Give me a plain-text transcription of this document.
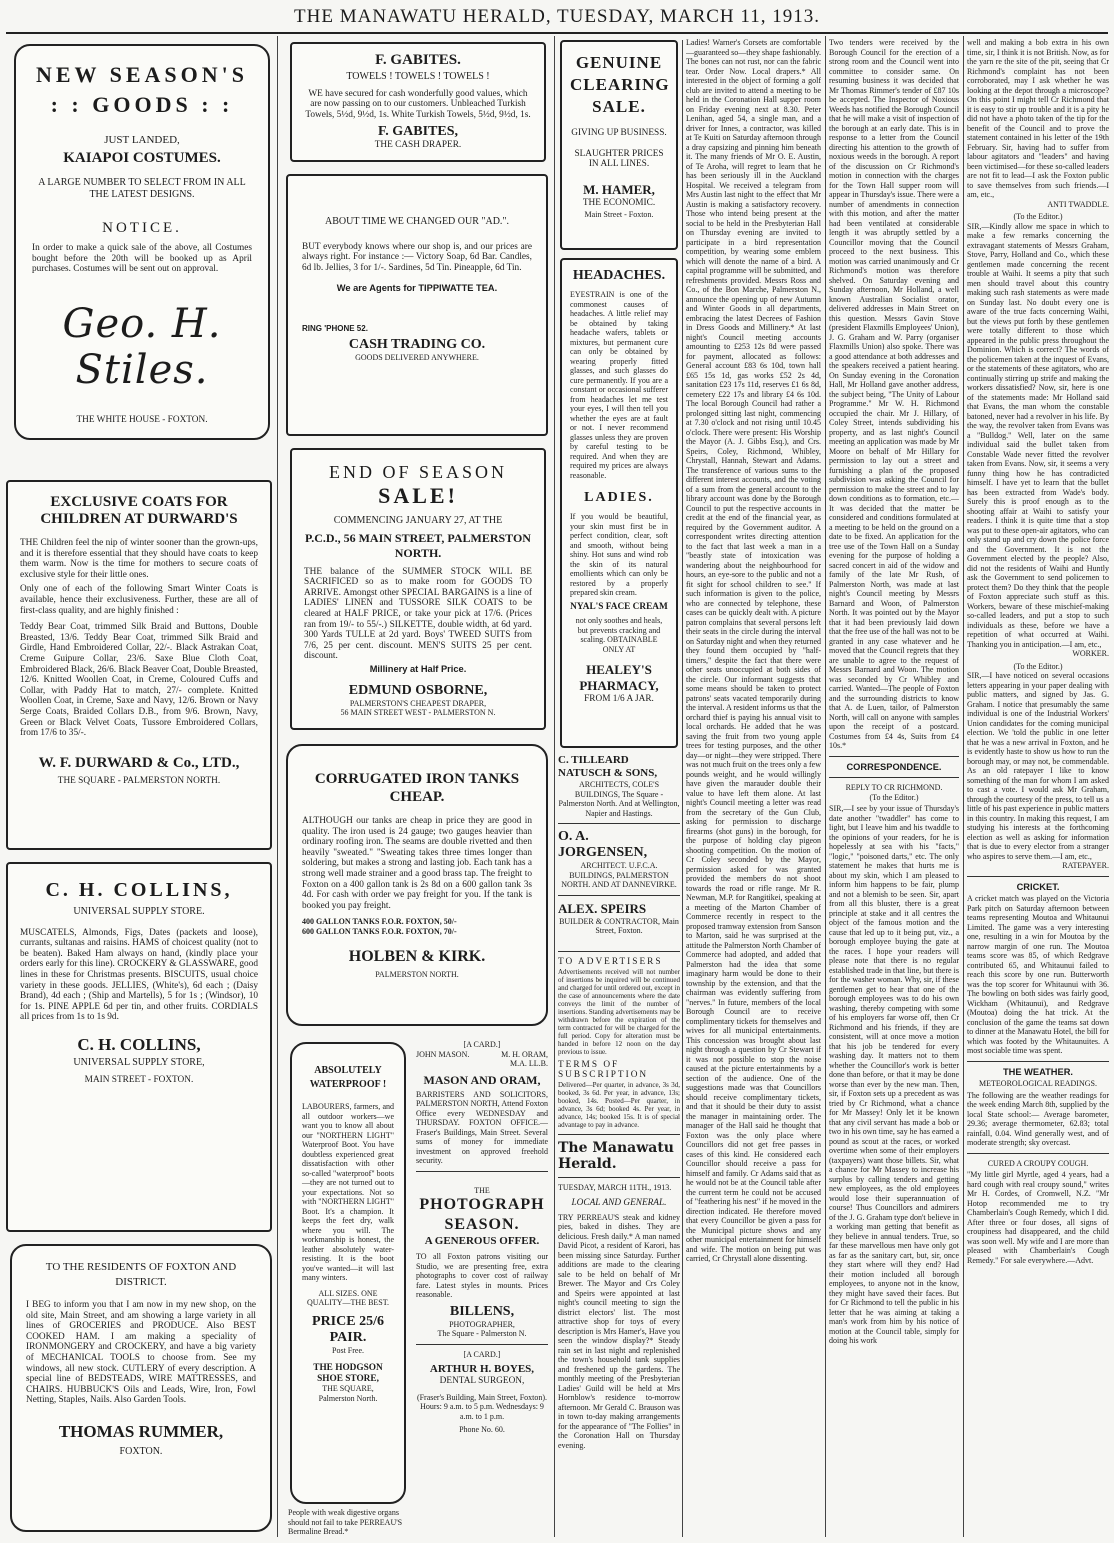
THE MANAWATU HERALD, TUESDAY, MARCH 11, 1913.
NEW SEASON'S
: : GOODS : :
JUST LANDED,
KAIAPOI COSTUMES.
A LARGE NUMBER TO SELECT FROM IN ALL THE LATEST DESIGNS.
NOTICE.
In order to make a quick sale of the above, all Costumes bought before the 20th will be booked up as April purchases. Costumes will be sent out on approval.
Geo. H. Stiles.
THE WHITE HOUSE - FOXTON.
EXCLUSIVE COATS FOR CHILDREN AT DURWARD'S
THE Children feel the nip of winter sooner than the grown-ups, and it is therefore essential that they should have coats to keep them warm. Now is the time for mothers to secure coats of exclusive style for their little ones.
Only one of each of the following Smart Winter Coats is available, hence their exclusiveness. Further, these are all of first-class quality, and are highly finished :
Teddy Bear Coat, trimmed Silk Braid and Buttons, Double Breasted, 13/6. Teddy Bear Coat, trimmed Silk Braid and Girdle, Hand Embroidered Collar, 22/-. Black Astrakan Coat, Creme Guipure Collar, 23/6. Saxe Blue Cloth Coat, Embroidered Black, 26/6. Black Beaver Coat, Double Breasted, 12/6. Knitted Woollen Coat, in Creme, Coloured Cuffs and Collar, with Paddy Hat to match, 27/- complete. Knitted Woollen Coat, in Creme, Saxe and Navy, 12/6. Brown or Navy Serge Coats, Braided Collars D.B., from 9/6. Brown, Navy, Green or Black Velvet Coats, Tussore Embroidered Collars, from 17/6 to 35/-.
W. F. DURWARD & Co., LTD.,
THE SQUARE - PALMERSTON NORTH.
C. H. COLLINS,
UNIVERSAL SUPPLY STORE.
MUSCATELS, Almonds, Figs, Dates (packets and loose), currants, sultanas and raisins. HAMS of choicest quality (not to be beaten). Baked Ham always on hand, (kindly place your orders early for this line). CROCKERY & GLASSWARE, good lines in these for Christmas presents. BISCUITS, usual choice variety in these goods. JELLIES, (White's), 6d each ; (Daisy Brand), 4d each ; (Ship and Martells), 5 for 1s ; (Windsor), 10 for 1s. PINE APPLE 6d per tin, and other fruits. CORDIALS all prices from 1s to 1s 9d.
C. H. COLLINS,
UNIVERSAL SUPPLY STORE,
MAIN STREET - FOXTON.
TO THE RESIDENTS OF FOXTON AND DISTRICT.
I BEG to inform you that I am now in my new shop, on the old site, Main Street, and am showing a large variety in all lines of GROCERIES and PRODUCE. Also BEST COOKED HAM. I am making a speciality of IRONMONGERY and CROCKERY, and have a big variety of MECHANICAL TOOLS to choose from. See my windows, all new stock. CUTLERY of every description. A special line of BEDSTEADS, WIRE MATTRESSES, and CHAIRS. HUBBUCK'S Oils and Leads, Wire, Iron, Fowl Netting, Staples, Nails. Also Garden Tools.
THOMAS RUMMER,
FOXTON.
F. GABITES.
TOWELS ! TOWELS ! TOWELS !
WE have secured for cash wonderfully good values, which are now passing on to our customers. Unbleached Turkish Towels, 5½d, 9½d, 1s. White Turkish Towels, 5½d, 9½d, 1s.
F. GABITES,
THE CASH DRAPER.
ABOUT TIME WE CHANGED OUR "AD.".
BUT everybody knows where our shop is, and our prices are always right. For instance :— Victory Soap, 6d Bar. Candles, 6d lb. Jellies, 3 for 1/-. Sardines, 5d Tin. Pineapple, 6d Tin.
We are Agents for TIPPIWATTE TEA.
RING 'PHONE 52.
CASH TRADING CO.
GOODS DELIVERED ANYWHERE.
END OF SEASON
SALE!
COMMENCING JANUARY 27, AT THE
P.C.D., 56 MAIN STREET, PALMERSTON NORTH.
THE balance of the SUMMER STOCK WILL BE SACRIFICED so as to make room for GOODS TO ARRIVE. Amongst other SPECIAL BARGAINS is a line of LADIES' LINEN and TUSSORE SILK COATS to be cleared at HALF PRICE, or take your pick at 17/6. (Prices ran from 19/- to 55/-.) SILKETTE, double width, at 6d yard. 300 Yards TULLE at 2d yard. Boys' TWEED SUITS from 7/6, 25 per cent. discount. MEN'S SUITS 25 per cent. discount.
Millinery at Half Price.
EDMUND OSBORNE,
PALMERSTON'S CHEAPEST DRAPER,
56 MAIN STREET WEST - PALMERSTON N.
CORRUGATED IRON TANKS CHEAP.
ALTHOUGH our tanks are cheap in price they are good in quality. The iron used is 24 gauge; two gauges heavier than ordinary roofing iron. The seams are double rivetted and then heavily "sweated." "Sweating takes three times longer than soldering, but makes a strong and lasting job. Each tank has a strong well made strainer and a good brass tap. The freight to Foxton on a 400 gallon tank is 2s 8d on a 600 gallon tank 3s 4d. For cash with order we pay freight for you. If the tank is booked you pay freight.
400 GALLON TANKS F.O.R. FOXTON, 50/-
600 GALLON TANKS F.O.R. FOXTON, 70/-
HOLBEN & KIRK.
PALMERSTON NORTH.
ABSOLUTELY WATERPROOF !
LABOURERS, farmers, and all outdoor workers—we want you to know all about our "NORTHERN LIGHT" Waterproof Boot. You have doubtless experienced great dissatisfaction with other so-called "waterproof" boots—they are not turned out to your expectations. Not so with "NORTHERN LIGHT" Boot. It's a champion. It keeps the feet dry, walk where you will. The workmanship is honest, the leather absolutely water-resisting. It is the boot you've wanted—it will last many winters.
ALL SIZES. ONE QUALITY—THE BEST.
PRICE 25/6 PAIR.
Post Free.
THE HODGSON SHOE STORE,
THE SQUARE,
Palmerston North.
People with weak digestive organs should not fail to take PERREAU'S Bermaline Bread.*
[A CARD.]
JOHN MASON.	M. H. ORAM, M.A. LL.B.
MASON AND ORAM,
BARRISTERS AND SOLICITORS, PALMERSTON NORTH, Attend Foxton Office every WEDNESDAY and THURSDAY. FOXTON OFFICE.—Fraser's Buildings, Main Street. Several sums of money for immediate investment on approved freehold security.
THE
PHOTOGRAPH SEASON.
A GENEROUS OFFER.
TO all Foxton patrons visiting our Studio, we are presenting free, extra photographs to cover cost of railway fare. Latest styles in mounts. Prices reasonable.
BILLENS,
PHOTOGRAPHER,
The Square - Palmerston N.
[A CARD.]
ARTHUR H. BOYES,
DENTAL SURGEON,
(Fraser's Building, Main Street, Foxton). Hours: 9 a.m. to 5 p.m. Wednesdays: 9 a.m. to 1 p.m.
Phone No. 60.
GENUINE CLEARING SALE.
GIVING UP BUSINESS.
SLAUGHTER PRICES IN ALL LINES.
M. HAMER,
THE ECONOMIC.
Main Street - Foxton.
HEADACHES.
EYESTRAIN is one of the commonest causes of headaches. A little relief may be obtained by taking headache wafers, tablets or mixtures, but permanent cure can only be obtained by wearing properly fitted glasses, and such glasses do cure permanently. If you are a constant or occasional sufferer from headaches let me test your eyes, I will then tell you whether the eyes are at fault or not. I never recommend glasses unless they are proven by careful testing to be required. And when they are required my prices are always reasonable.
LADIES.
If you would be beautiful, your skin must first be in perfect condition, clear, soft and smooth, without being shiny. Hot suns and wind rob the skin of its natural emollients which can only be restored by a properly prepared skin cream.
NYAL'S FACE CREAM
not only soothes and heals, but prevents cracking and scaling. OBTAINABLE ONLY AT
HEALEY'S PHARMACY,
FROM 1/6 A JAR.
C. TILLEARD NATUSCH & SONS,
ARCHITECTS, COLE'S BUILDINGS, The Square - Palmerston North. And at Wellington, Napier and Hastings.
O. A. JORGENSEN,
ARCHITECT. U.F.C.A. BUILDINGS, PALMERSTON NORTH. AND AT DANNEVIRKE.
ALEX. SPEIRS
BUILDER & CONTRACTOR, Main Street, Foxton.
TO ADVERTISERS
Advertisements received will not number of insertions be inquired will be continued and charged for until ordered out, except in the case of announcements where the date conveys the limit of the number of insertions. Standing advertisements may be withdrawn before the expiration of the term contracted for will be charged for the full period. Copy for alteration must be handed in before 12 noon on the day previous to issue.
TERMS OF SUBSCRIPTION
Delivered—Per quarter, in advance, 3s 3d, booked, 3s 6d. Per year, in advance, 13s; booked, 14s. Posted—Per quarter, in advance, 3s 6d; booked 4s. Per year, in advance, 14s; booked 15s. It is of special advantage to pay in advance.
The Manawatu Herald.
TUESDAY, MARCH 11TH., 1913.
LOCAL AND GENERAL.
TRY PERREAU'S steak and kidney pies, baked in dishes. They are delicious. Fresh daily.* A man named David Picot, a resident of Karori, has been missing since Saturday. Further additions are made to the clearing sale to be held on behalf of Mr Brewer. The Mayor and Crs Coley and Speirs were appointed at last night's council meeting to sign the district electors' list. The most attractive shop for toys of every description is Mrs Hamer's, Have you seen the window display?* Steady rain set in last night and replenished the town's household tank supplies and freshened up the gardens. The monthly meeting of the Presbyterian Ladies' Guild will be held at Mrs Hornblow's residence to-morrow afternoon. Mr Gerald C. Brauson was in town to-day making arrangements for the appearance of "The Follies" in the Coronation Hall on Thursday evening.
Ladies! Warner's Corsets are comfortable—guaranteed so—they shape fashionably. The bones can not rust, nor can the fabric tear. Order Now. Local drapers.* All interested in the object of forming a golf club are invited to attend a meeting to be held in the Coronation Hall supper room on Friday evening next at 8.30. Peter Lenihan, aged 54, a single man, and a driver for Innes, a contractor, was killed at Te Kuiti on Saturday afternoon through a dray capsizing and pinning him beneath it. The many friends of Mr O. E. Austin, of Te Aroha, will regret to learn that he has been seriously ill in the Auckland Hospital. We received a telegram from Mrs Austin last night to the effect that Mr Austin is making a satisfactory recovery. Those who intend being present at the social to be held in the Presbyterian Hall on Thursday evening are invited to participate in a bird representation competition, by wearing some emblem which will denote the name of a bird. A capital programme will be submitted, and refreshments provided. Messrs Ross and Co., of the Bon Marche, Palmerston N., announce the opening up of new Autumn and Winter Goods in all departments, embracing the latest Decrees of Fashion in Dress Goods and Millinery.* At last night's Council meeting accounts amounting to £253 12s 8d were passed for payment, allocated as follows: General account £83 6s 10d, town hall £65 15s 1d, gas works £52 2s 4d, sanitation £23 17s 11d, reserves £1 6s 8d, cemetery £22 17s and library £4 6s 10d. The local Borough Council had rather a prolonged sitting last night, commencing at 7.30 o'clock and not rising until 10.45 o'clock. There were present: His Worship the Mayor (A. J. Gibbs Esq.), and Crs. Speirs, Coley, Richmond, Whibley, Chrystall, Hannah, Stewart and Adams. The transference of various sums to the different interest accounts, and the voting of a sum from the general account to the library account was done by the Borough Council to put the respective accounts in credit at the end of the financial year, as required by the Government auditor. A correspondent writes directing attention to the fact that last week a man in a "beastly state of intoxication was wandering about the neighbourhood for hours, an eye-sore to the public and not a fit sight for school children to see." If such information is given to the police, who are connected by telephone, these cases can be quickly dealt with. A picture patron complains that several persons left their seats in the circle during the interval on Saturday night and when they returned they found them occupied by "half-timers," despite the fact that there were other seats unoccupied at both sides of the circle. Our informant suggests that some means should be taken to protect patrons' seats vacated temporarily during the interval. A resident informs us that the orchard thief is paying his annual visit to local orchards. He added that he was saving the fruit from two young apple trees for testing purposes, and the other day—or night—they were stripped. There was not much fruit on the trees only a few pounds weight, and he would willingly have given the marauder double their value to have left them alone. At last night's Council meeting a letter was read from the secretary of the Gun Club, asking for permission to discharge firearms (shot guns) in the borough, for the purpose of holding clay pigeon shooting competition. On the motion of Cr Coley seconded by the Mayor, permission asked for was granted provided the members do not shoot towards the road or rifle range. Mr R. Newman, M.P. for Rangitikei, speaking at a meeting of the Marton Chamber of Commerce recently in respect to the proposed tramway extension from Sanson to Marton, said he was surprised at the attitude the Palmerston North Chamber of Commerce had adopted, and added that Palmerston had the idea that some imaginary harm would be done to their township by the extension, and that the chairman was evidently suffering from "nerves." In future, members of the local Borough Council are to receive complimentary tickets for themselves and wives for all municipal entertainments. This concession was brought about last night through a question by Cr Stewart if it was not possible to stop the noise caused at the picture entertainments by a section of the audience. One of the suggestions made was that Councillors should receive complimentary tickets, and that it should be their duty to assist the manager in maintaining order. The manager of the Hall said he thought that Foxton was the only place where Councillors did not get free passes in cases of this kind. He considered each Councillor should receive a pass for himself and family. Cr Adams said that as he would not be at the Council table after the current term he could not be accused of "feathering his nest" if he moved in the direction indicated. He therefore moved that every Councillor be given a pass for the Municipal picture shows and any other municipal entertainment for himself and wife. The motion on being put was carried, Cr Chrystall alone dissenting.
Two tenders were received by the Borough Council for the erection of a strong room and the Council went into committee to consider same. On resuming business it was decided that Mr Thomas Rimmer's tender of £87 10s be accepted. The Inspector of Noxious Weeds has notified the Borough Council that he will make a visit of inspection of the borough at an early date. This is in response to a letter from the Council directing his attention to the growth of noxious weeds in the borough. A report of the discussion on Cr Richmond's motion in connection with the charges for the Town Hall supper room will appear in Thursday's issue. There were a number of amendments in connection with this motion, and after the matter had been ventilated at considerable length it was abruptly settled by a Councillor moving that the Council proceed to the next business. This motion was carried unanimously and Cr Richmond's motion was therefore shelved. On Saturday evening and Sunday afternoon, Mr Holland, a well known Australian Socialist orator, delivered addresses in Main Street on this question. Messrs Gavin Stove (president Flaxmills Employees' Union), J. G. Graham and W. Parry (organiser Flaxmills Union) also spoke. There was a good attendance at both addresses and the speakers received a patient hearing. On Sunday evening in the Coronation Hall, Mr Holland gave another address, the subject being, "The Unity of Labour Programme." Mr W. H. Richmond occupied the chair. Mr J. Hillary, of Coley Street, intends subdividing his property, and as last night's Council meeting an application was made by Mr Moore on behalf of Mr Hillary for permission to lay out a street and furnishing a plan of the proposed subdivision was asking the Council for permission to make the street and to lay down conditions as to formation, etc.—It was decided that the matter be considered and conditions formulated at a meeting to be held on the ground on a date to be fixed. An application for the tree use of the Town Hall on a Sunday evening for the purpose of holding a sacred concert in aid of the widow and family of the late Mr Rush, of Palmerston North, was made at last night's Council meeting by Messrs Barnard and Woon, of Palmerston North. It was pointed out by the Mayor that it had been previously laid down that the free use of the hall was not to be granted in any case whatever and he moved that the Council regrets that they are unable to agree to the request of Messrs Barnard and Woon. The motion was seconded by Cr Whibley and carried. Wanted—The people of Foxton and the surrounding districts to know that A. de Luen, tailor, of Palmerston North, will call on anyone with samples upon the receipt of a postcard. Costumes from £4 4s, Suits from £4 10s.*
CORRESPONDENCE.
REPLY TO CR RICHMOND.
(To the Editor.)
SIR,—I see by your issue of Thursday's date another "twaddler" has come to light, but I leave him and his twaddle to the opinions of your readers, for he is hopelessly at sea with his "facts," "logic," "poisoned darts," etc. The only statement he makes that hurts me is about my skin, which I am pleased to inform him happens to be fair, plump and not a blemish to be seen. Sir, apart from all this bluster, there is a great principle at stake and it all centres the object of the famous motion and the cause that led up to it being put, viz., a borough employee buying the gate at the races. I hope your readers will please note that there is no regular established trade in that line, but there is for the washer woman. Why, sir, if these gentlemen get to hear that one of the borough employees was to do his own washing, thereby competing with some of his employers far worse off, then Cr Richmond and his friends, if they are consistent, will at once move a motion that his job be tendered for every washing day. It matters not to them whether the Councillor's work is better done than before, or that it may be done worse than ever by the new man. Then, sir, if Foxton sets up a precedent as was tried by Cr Richmond, what a chance for Mr Massey! Only let it be known that any civil servant has made a bob or two in his own time, say he has earned a pound as scout at the races, or worked overtime when some of their employers (taxpayers) want those billets. Sir, what a chance for Mr Massey to increase his surplus by calling tenders and getting new employees, as the old employees would lose their superannuation of course! Thus Councillors and admirers of the J. G. Graham type don't believe in a working man getting that benefit as they believe in annual tenders. True, so far these marvellous men have only got as far as the sanitary cart, but, sir, once they start where will they end? Had their motion included all borough employees, to anyone not in the know, they might have saved their faces. But for Cr Richmond to tell the public in his letter that he was aiming at taking a man's work from him by his notice of motion at the Council table, simply for doing his work
well and making a bob extra in his own time, sir, I think it is not British. Now, as for the yarn re the site of the pit, seeing that Cr Richmond's complaint has not been corroborated, may I ask whether he was looking at the depot through a microscope? On this point I might tell Cr Richmond that it is easy to stir up trouble and it is a pity he did not have a photo taken of the tip for the benefit of the Council and to prove the statement contained in his letter of the 19th February. Sir, having had to suffer from labour agitators and "leaders" and having been victimised—for these so-called leaders are not fit to lead—I ask the Foxton public to save themselves from such friends.—I am, etc.,
ANTI TWADDLE.
(To the Editor.)
SIR,—Kindly allow me space in which to make a few remarks concerning the extravagant statements of Messrs Graham, Stove, Parry, Holland and Co., which these gentlemen made concerning the recent trouble at Waihi. It seems a pity that such men should travel about this country making such rash statements as were made on Sunday last. No doubt every one is aware of the true facts concerning Waihi, but the views put forth by these gentlemen were totally different to those which appeared in the public press throughout the Dominion. Which is correct? The words of the policemen taken at the inquest of Evans, or the statements of these agitators, who are continually stirring up strife and making the workers dissatisfied? Now, sir, here is one of the statements made: Mr Holland said that Evans, the man whom the constable batoned, never had a revolver in his life. By the way, the revolver taken from Evans was a "Bulldog." Well, later on the same individual said the bullet taken from Constable Wade never fitted the revolver taken from Evans. Now, sir, it seems a very funny thing how he has contradicted himself. I have yet to learn that the bullet has been extracted from Wade's body. Surely this is proof enough as to the shooting affair at Waihi to satisfy your readers. I think it is quite time that a stop was put to these open-air agitators, who can only stand up and cry down the police force and the Government. It is not the Government elected by the people? Also, did not the residents of Waihi and Huntly ask the Government to send policemen to protect them? Do they think that the people of Foxton appreciate such stuff as this. Workers, beware of these mischief-making so-called leaders, and put a stop to such individuals as these, before we have a repetition of what occurred at Waihi. Thanking you in anticipation.—I am, etc.,
WORKER.
(To the Editor.)
SIR,—I have noticed on several occasions letters appearing in your paper dealing with public matters, and signed by Jas. G. Graham. I notice that presumably the same individual is one of the Industrial Workers' Union candidates for the coming municipal election. We 'told the public in one letter that he was a new arrival in Foxton, and he is evidently haste to show us how to run the borough may, or may not, be commendable. As an old ratepayer I like to know something of the man for whom I am asked to cast a vote. I would ask Mr Graham, through the courtesy of the press, to tell us a little of his past experience in public matters in this country. In making this request, I am studying his interests at the forthcoming election as well as asking for information that is due to every elector from a stranger who aspires to serve them.—I am, etc.,
RATEPAYER.
CRICKET.
A cricket match was played on the Victoria Park pitch on Saturday afternoon between teams representing Moutoa and Whitaunui Limited. The game was a very interesting one, resulting in a win for Moutoa by the narrow margin of one run. The Moutoa teams score was 85, of which Redgrave contributed 65, and Whitaunui failed to reach this score by one run. Butterworth was the top scorer for Whitaunui with 36. The bowling on both sides was fairly good, Wickham (Whitaunui), and Redgrave (Moutoa) doing the hat trick. At the conclusion of the game the teams sat down to dinner at the Manawatu Hotel, the bill for which was footed by the Whitaunuites. A most sociable time was spent.
THE WEATHER.
METEOROLOGICAL READINGS.
The following are the weather readings for the week ending March 8th, supplied by the local State school:— Average barometer, 29.36; average thermometer, 62.83; total rainfall, 0.04. Wind generally west, and of moderate strength; sky overcast.
CURED A CROUPY COUGH.
"My little girl Myrtle, aged 4 years, had a hard cough with real croupy sound," writes Mr H. Cordes, of Cromwell, N.Z. "Mr Hotop recommended me to try Chamberlain's Cough Remedy, which I did. After three or four doses, all signs of croupiness had disappeared, and the child was soon well. My wife and I are more than pleased with Chamberlain's Cough Remedy." For sale everywhere.—Advt.
